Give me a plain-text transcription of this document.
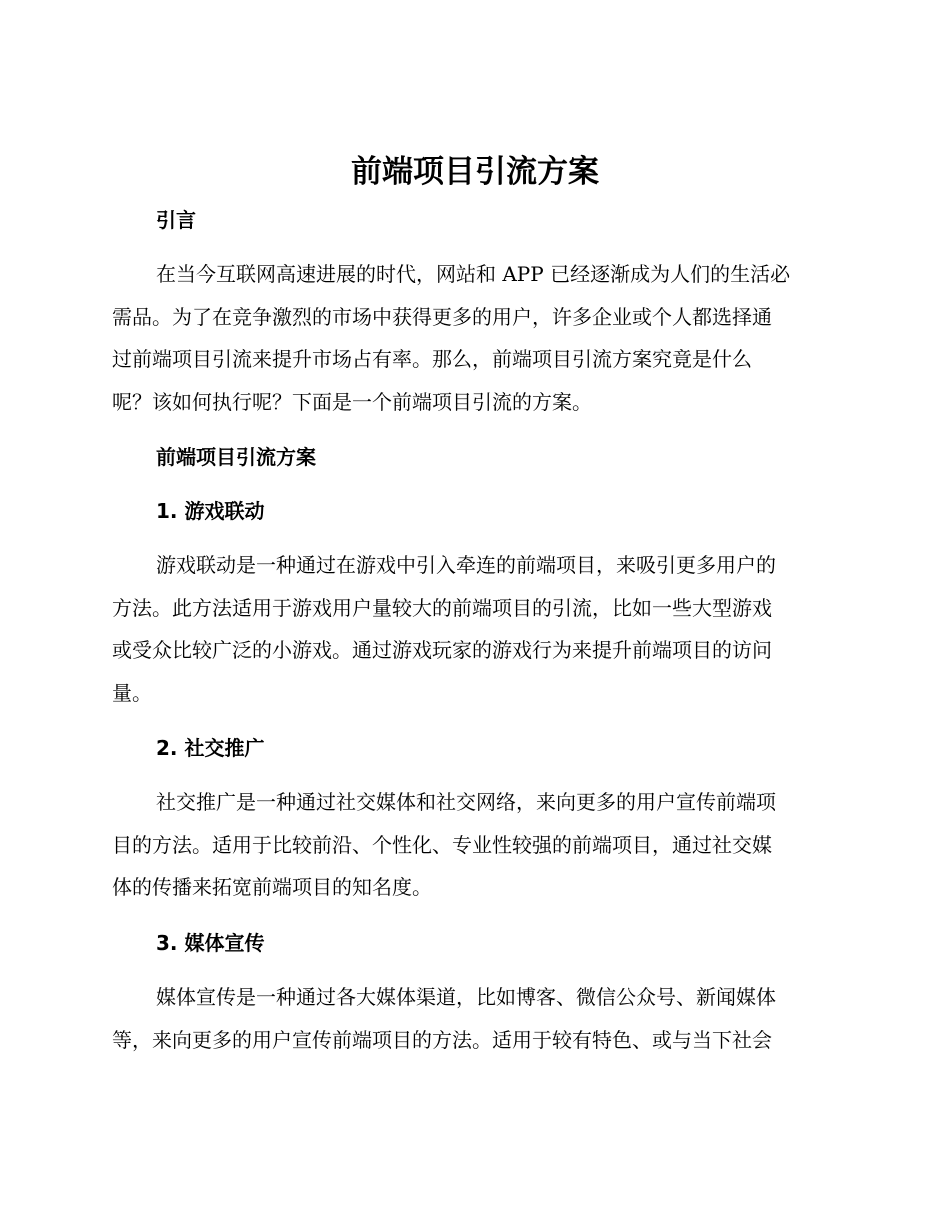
前端项目引流方案
引言

在当今互联网高速进展的时代，网站和 APP 已经逐渐成为人们的生活必
需品。为了在竞争激烈的市场中获得更多的用户，许多企业或个人都选择通
过前端项目引流来提升市场占有率。那么，前端项目引流方案究竟是什么
呢？该如何执行呢？下面是一个前端项目引流的方案。

前端项目引流方案
1. 游戏联动

游戏联动是一种通过在游戏中引入牵连的前端项目，来吸引更多用户的
方法。此方法适用于游戏用户量较大的前端项目的引流，比如一些大型游戏
或受众比较广泛的小游戏。通过游戏玩家的游戏行为来提升前端项目的访问
量。

2. 社交推广

社交推广是一种通过社交媒体和社交网络，来向更多的用户宣传前端项
目的方法。适用于比较前沿、个性化、专业性较强的前端项目，通过社交媒
体的传播来拓宽前端项目的知名度。

3. 媒体宣传

媒体宣传是一种通过各大媒体渠道，比如博客、微信公众号、新闻媒体
等，来向更多的用户宣传前端项目的方法。适用于较有特色、或与当下社会
